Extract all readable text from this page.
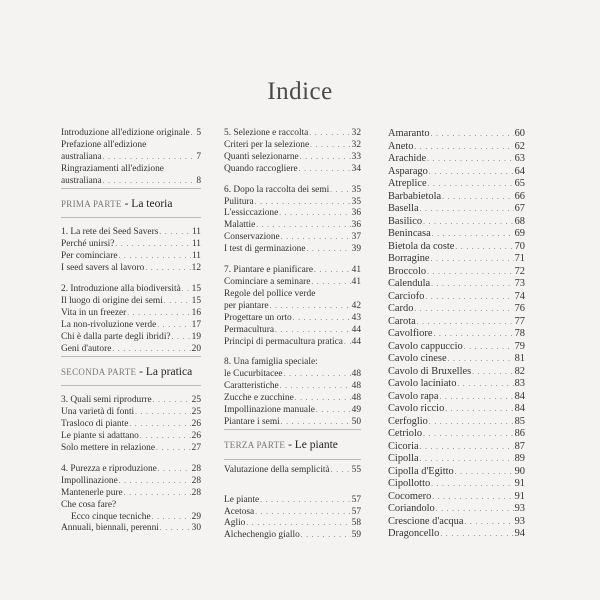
Indice
Introduzione all'edizione originale . . . 5
Prefazione all'edizione
australiana . . .	7
Ringraziamenti all'edizione
australiana . . .	8
PRIMA PARTE - La teoria
1. La rete dei Seed Savers . . .	11
Perché unirsi? . . .	11
Per cominciare . . .	11
I seed savers al lavoro . . .	12
2. Introduzione alla biodiversità . . . 15
Il luogo di origine dei semi . . .	15
Vita in un freezer . . .	16
La non-rivoluzione verde . . .	17
Chi è dalla parte degli ibridi? . . . 19
Geni d'autore . . .	20
SECONDA PARTE - La pratica
3. Quali semi riprodurre . . .	25
Una varietà di fonti . . .	25
Trasloco di piante . . .	26
Le piante si adattano . . .	26
Solo mettere in relazione . . .	27
4. Purezza e riproduzione . . .	28
Impollinazione . . .	28
Mantenerle pure . . .	28
Che cosa fare?
Ecco cinque tecniche . . .	29
Annuali, biennali, perenni . . .	30
5. Selezione e raccolta . . .	32
Criteri per la selezione . . .	32
Quanti selezionarne . . .	33
Quando raccogliere . . .	34
6. Dopo la raccolta dei semi . . . 35
Pulitura . . .	35
L'essiccazione . . .	36
Malattie . . .	36
Conservazione . . .	37
I test di germinazione . . .	39
7. Piantare e pianificare . . .	41
Cominciare a seminare . . .	41
Regole del pollice verde
per piantare . . .	42
Progettare un orto . . .	43
Permacultura . . .	44
Principi di permacultura pratica . . . 44
8. Una famiglia speciale:
le Cucurbitacee . . .	48
Caratteristiche . . .	48
Zucche e zucchine . . .	48
Impollinazione manuale . . .	49
Piantare i semi . . .	50
TERZA PARTE - Le piante
Valutazione della semplicità . . . 55
Le piante . . .	57
Acetosa . . .	57
Aglio . . .	58
Alchechengio giallo . . .	59
Amaranto . . .	60
Aneto . . .	62
Arachide . . .	63
Asparago . . .	64
Atreplice . . .	65
Barbabietola . . .	66
Basella . . .	67
Basilico . . .	68
Benincasa . . .	69
Bietola da coste . . .	70
Borragine . . .	71
Broccolo . . .	72
Calendula . . .	73
Carciofo . . .	74
Cardo . . .	76
Carota . . .	77
Cavolfiore . . .	78
Cavolo cappuccio . . .	79
Cavolo cinese . . .	81
Cavolo di Bruxelles . . .	82
Cavolo laciniato . . .	83
Cavolo rapa . . .	84
Cavolo riccio . . .	84
Cerfoglio . . .	85
Cetriolo . . .	86
Cicoria . . .	87
Cipolla . . .	89
Cipolla d'Egitto . . .	90
Cipollotto . . .	91
Cocomero . . .	91
Coriandolo . . .	93
Crescione d'acqua . . .	93
Dragoncello . . .	94
